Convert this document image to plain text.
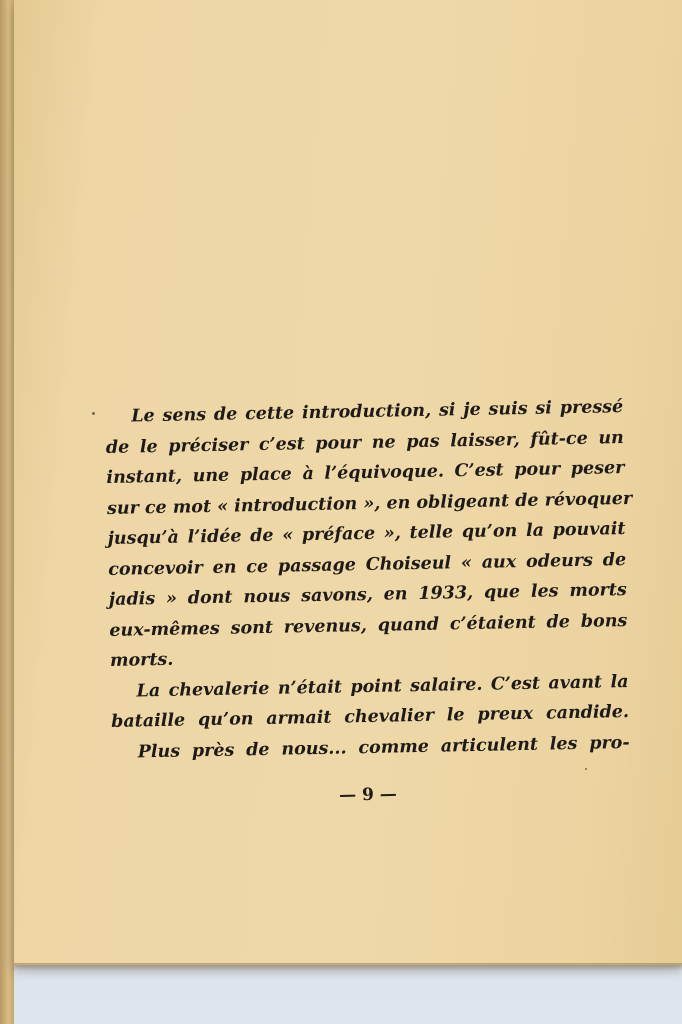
Le sens de cette introduction, si je suis si pressé
de le préciser c’est pour ne pas laisser, fût-ce un
instant, une place à l’équivoque. C’est pour peser
sur ce mot « introduction », en obligeant de révoquer
jusqu’à l’idée de « préface », telle qu’on la pouvait
concevoir en ce passage Choiseul « aux odeurs de
jadis » dont nous savons, en 1933, que les morts
eux-mêmes sont revenus, quand c’étaient de bons
morts.
La chevalerie n’était point salaire. C’est avant la
bataille qu’on armait chevalier le preux candide.
Plus près de nous... comme articulent les pro-
— 9 —
